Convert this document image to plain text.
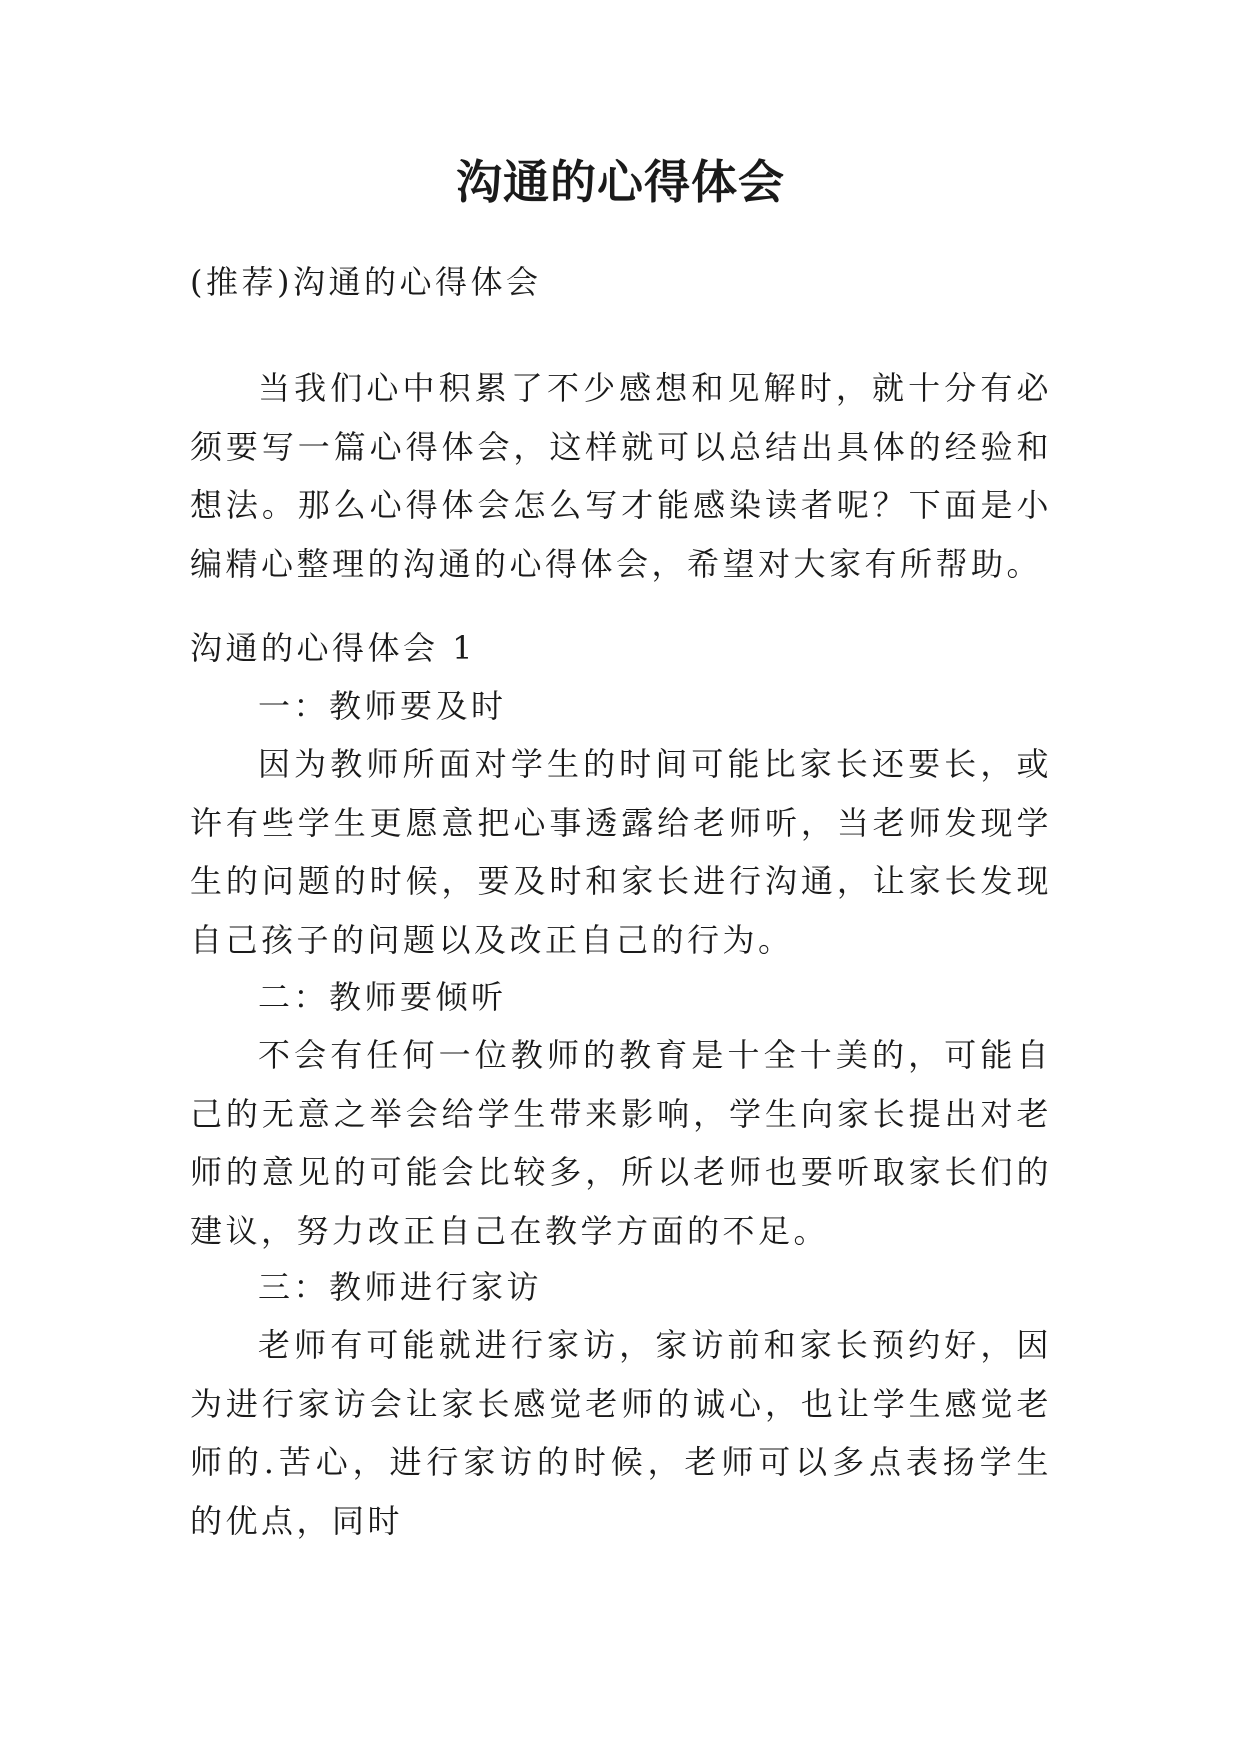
沟通的心得体会

(推荐)沟通的心得体会

当我们心中积累了不少感想和见解时，就十分有必须要写一篇心得体会，这样就可以总结出具体的经验和想法。那么心得体会怎么写才能感染读者呢？下面是小编精心整理的沟通的心得体会，希望对大家有所帮助。

沟通的心得体会 1

一：教师要及时

因为教师所面对学生的时间可能比家长还要长，或许有些学生更愿意把心事透露给老师听，当老师发现学生的问题的时候，要及时和家长进行沟通，让家长发现自己孩子的问题以及改正自己的行为。

二：教师要倾听

不会有任何一位教师的教育是十全十美的，可能自己的无意之举会给学生带来影响，学生向家长提出对老师的意见的可能会比较多，所以老师也要听取家长们的建议，努力改正自己在教学方面的不足。

三：教师进行家访

老师有可能就进行家访，家访前和家长预约好，因为进行家访会让家长感觉老师的诚心，也让学生感觉老师的.苦心，进行家访的时候，老师可以多点表扬学生的优点，同时
